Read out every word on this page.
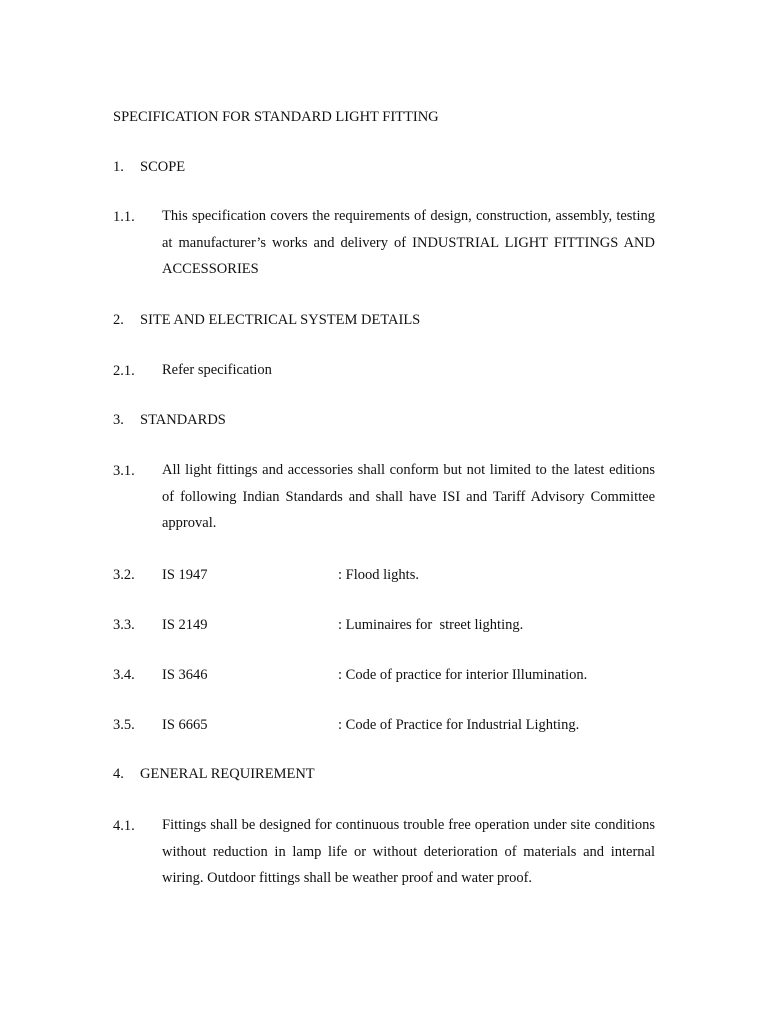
SPECIFICATION FOR STANDARD LIGHT FITTING
1. SCOPE
1.1. This specification covers the requirements of design, construction, assembly, testing at manufacturer’s works and delivery of INDUSTRIAL LIGHT FITTINGS AND ACCESSORIES
2. SITE AND ELECTRICAL SYSTEM DETAILS
2.1. Refer specification
3. STANDARDS
3.1. All light fittings and accessories shall conform but not limited to the latest editions of following Indian Standards and shall have ISI and Tariff Advisory Committee approval.
3.2. IS 1947	: Flood lights.
3.3. IS 2149	: Luminaires for  street lighting.
3.4. IS 3646	: Code of practice for interior Illumination.
3.5. IS 6665	: Code of Practice for Industrial Lighting.
4. GENERAL REQUIREMENT
4.1. Fittings shall be designed for continuous trouble free operation under site conditions without reduction in lamp life or without deterioration of materials and internal wiring. Outdoor fittings shall be weather proof and water proof.
